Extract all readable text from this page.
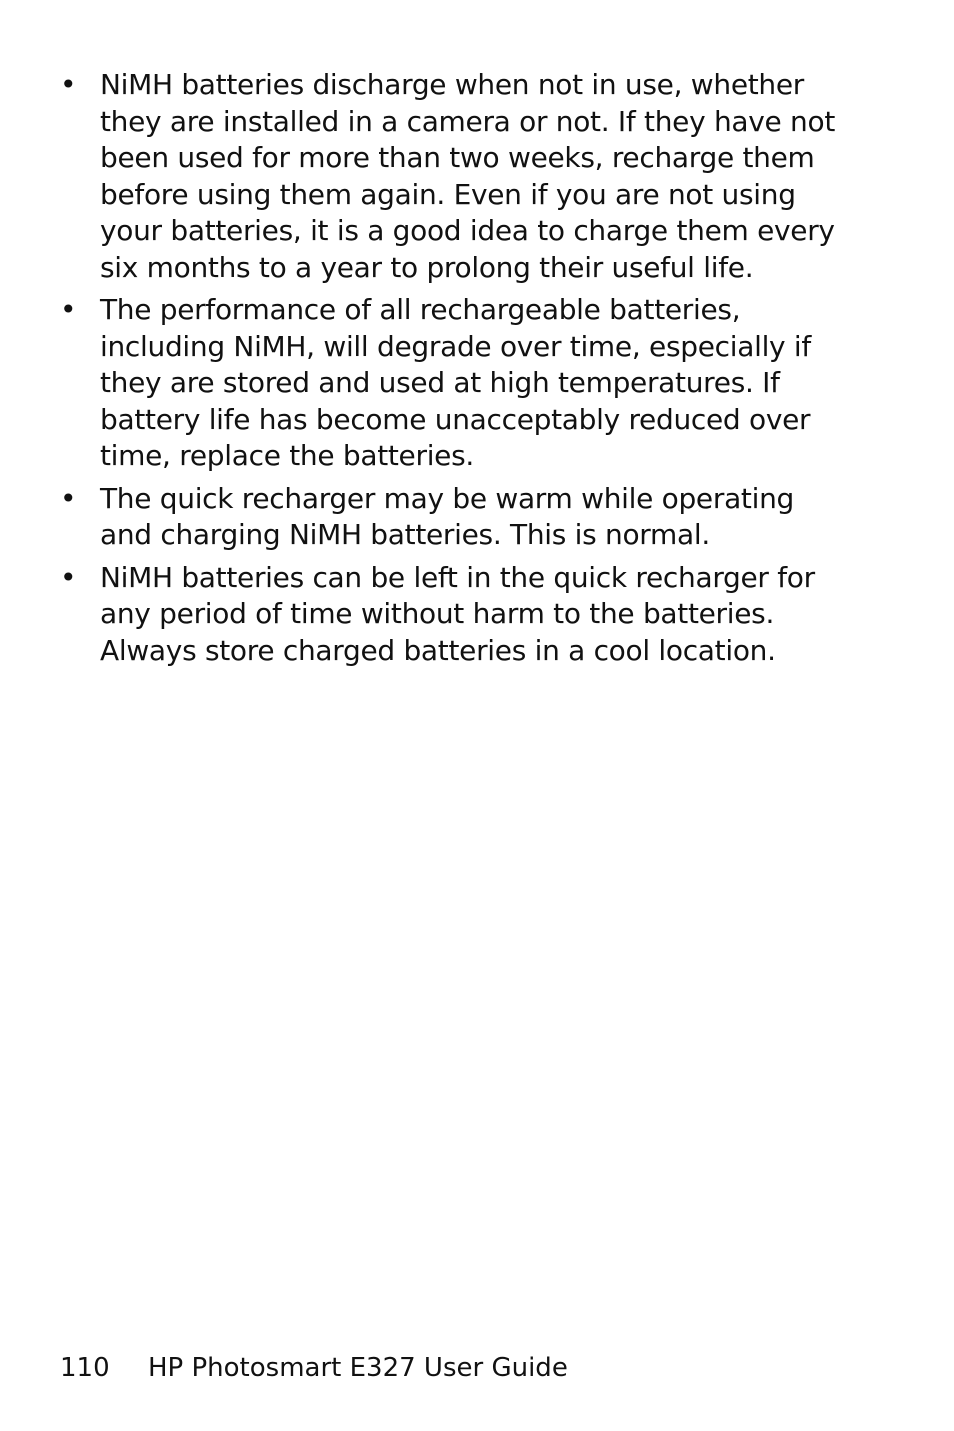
• NiMH batteries discharge when not in use, whether they are installed in a camera or not. If they have not been used for more than two weeks, recharge them before using them again. Even if you are not using your batteries, it is a good idea to charge them every six months to a year to prolong their useful life.
• The performance of all rechargeable batteries, including NiMH, will degrade over time, especially if they are stored and used at high temperatures. If battery life has become unacceptably reduced over time, replace the batteries.
• The quick recharger may be warm while operating and charging NiMH batteries. This is normal.
• NiMH batteries can be left in the quick recharger for any period of time without harm to the batteries. Always store charged batteries in a cool location.
110 HP Photosmart E327 User Guide
